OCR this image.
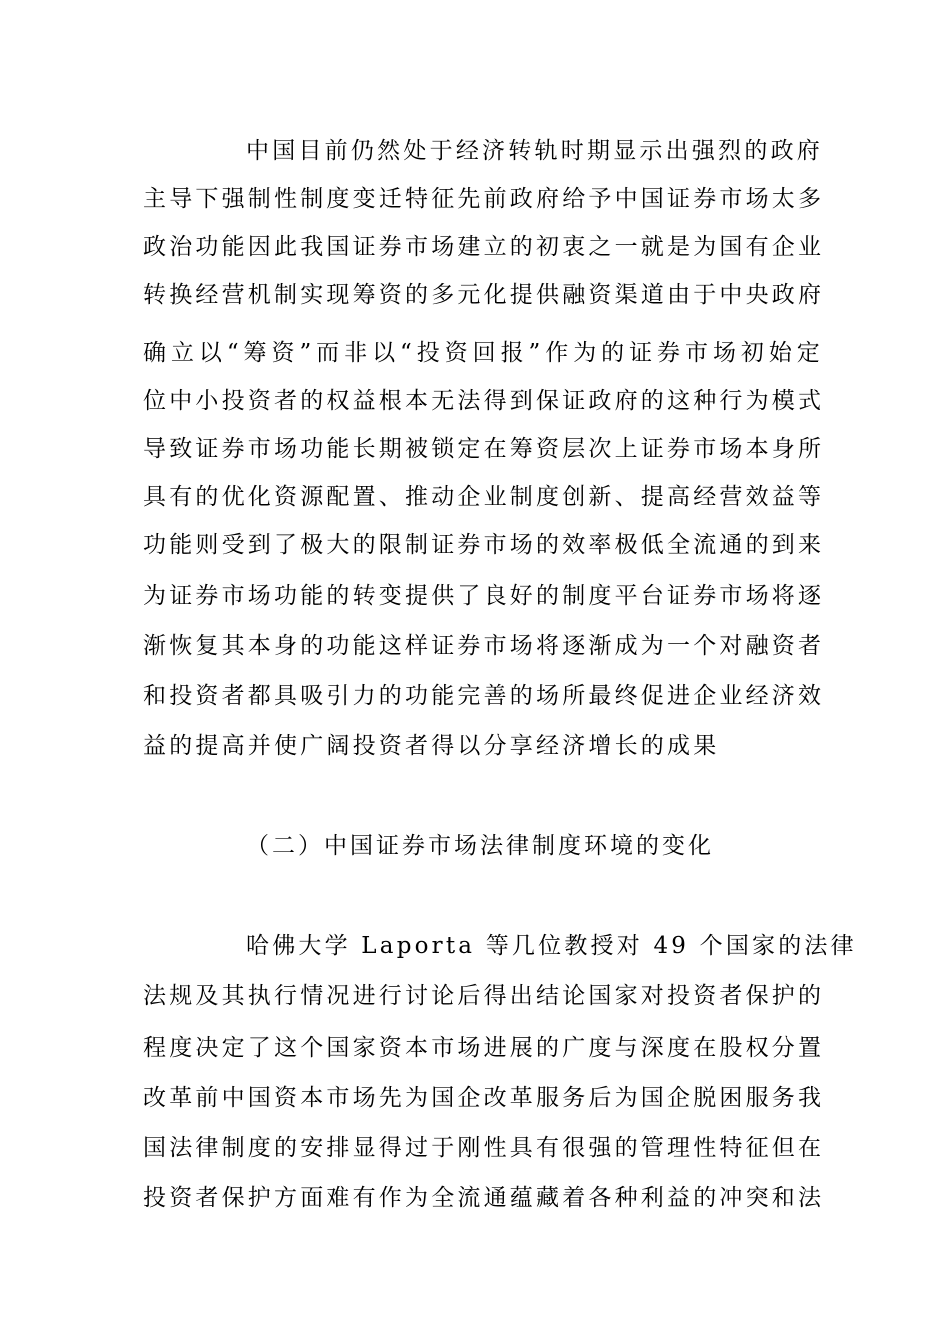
中国目前仍然处于经济转轨时期显示出强烈的政府
主导下强制性制度变迁特征先前政府给予中国证券市场太多
政治功能因此我国证券市场建立的初衷之一就是为国有企业
转换经营机制实现筹资的多元化提供融资渠道由于中央政府
确立以“筹资”而非以“投资回报”作为的证券市场初始定
位中小投资者的权益根本无法得到保证政府的这种行为模式
导致证券市场功能长期被锁定在筹资层次上证券市场本身所
具有的优化资源配置、推动企业制度创新、提高经营效益等
功能则受到了极大的限制证券市场的效率极低全流通的到来
为证券市场功能的转变提供了良好的制度平台证券市场将逐
渐恢复其本身的功能这样证券市场将逐渐成为一个对融资者
和投资者都具吸引力的功能完善的场所最终促进企业经济效
益的提高并使广阔投资者得以分享经济增长的成果
（二）中国证券市场法律制度环境的变化
哈佛大学 Laporta 等几位教授对 49 个国家的法律
法规及其执行情况进行讨论后得出结论国家对投资者保护的
程度决定了这个国家资本市场进展的广度与深度在股权分置
改革前中国资本市场先为国企改革服务后为国企脱困服务我
国法律制度的安排显得过于刚性具有很强的管理性特征但在
投资者保护方面难有作为全流通蕴藏着各种利益的冲突和法
